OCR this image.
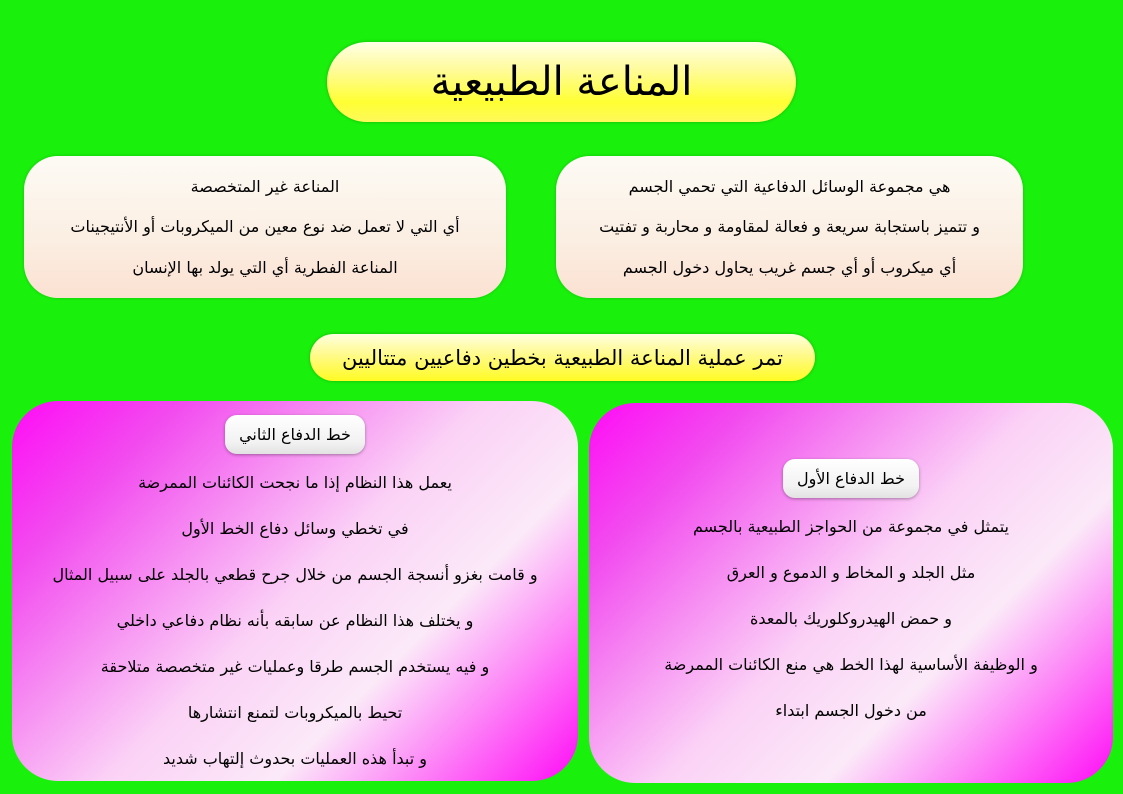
المناعة الطبيعية
هي مجموعة الوسائل الدفاعية التي تحمي الجسم
و تتميز باستجابة سريعة و فعالة لمقاومة و محاربة و تفتيت
أي ميكروب أو أي جسم غريب يحاول دخول الجسم
المناعة غير المتخصصة
أي التي لا تعمل ضد نوع معين من الميكروبات أو الأنتيجينات
المناعة الفطرية أي التي يولد بها الإنسان
تمر عملية المناعة الطبيعية بخطين دفاعيين متتاليين
خط الدفاع الأول
يتمثل في مجموعة من الحواجز الطبيعية بالجسم
مثل الجلد و المخاط و الدموع و العرق
و حمض الهيدروكلوريك بالمعدة
و الوظيفة الأساسية لهذا الخط هي منع الكائنات الممرضة
من دخول الجسم ابتداء
خط الدفاع الثاني
يعمل هذا النظام إذا ما نجحت الكائنات الممرضة
في تخطي وسائل دفاع الخط الأول
و قامت بغزو أنسجة الجسم من خلال جرح قطعي بالجلد على سبيل المثال
و يختلف هذا النظام عن سابقه بأنه نظام دفاعي داخلي
و فيه يستخدم الجسم طرقا وعمليات غير متخصصة متلاحقة
تحيط بالميكروبات لتمنع انتشارها
و تبدأ هذه العمليات بحدوث إلتهاب شديد
